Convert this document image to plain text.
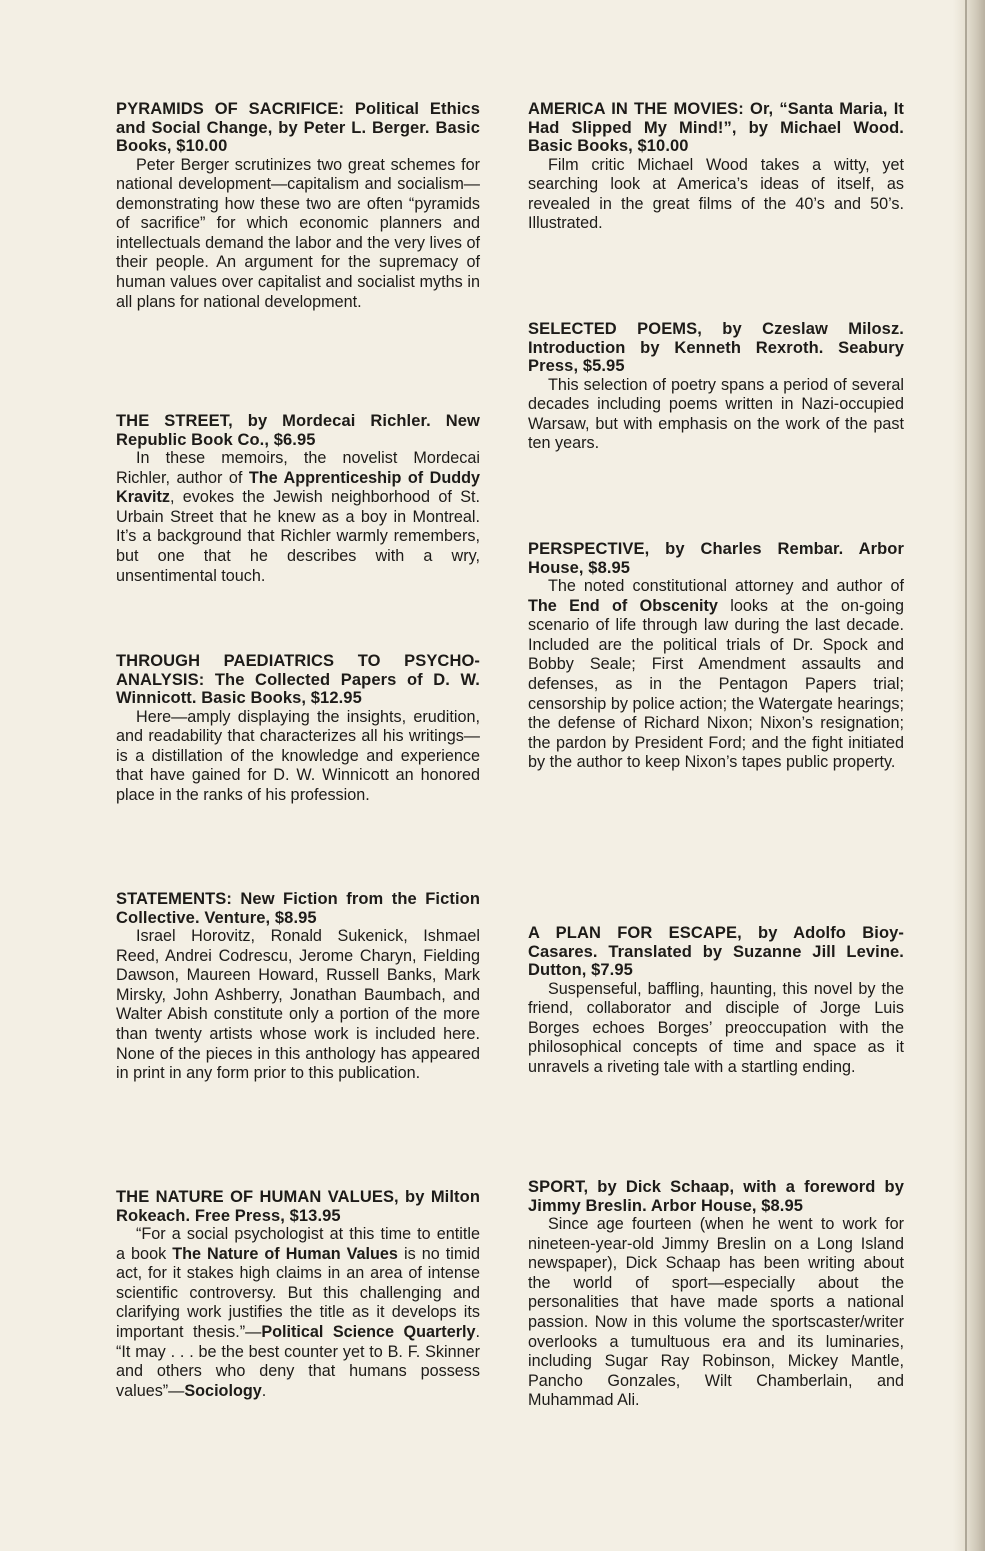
PYRAMIDS OF SACRIFICE: Political Ethics and Social Change, by Peter L. Berger. Basic Books, $10.00

Peter Berger scrutinizes two great schemes for national development—capitalism and socialism—demonstrating how these two are often “pyramids of sacrifice” for which economic planners and intellectuals demand the labor and the very lives of their people. An argument for the supremacy of human values over capitalist and socialist myths in all plans for national development.

THE STREET, by Mordecai Richler. New Republic Book Co., $6.95

In these memoirs, the novelist Mordecai Richler, author of The Apprenticeship of Duddy Kravitz, evokes the Jewish neighborhood of St. Urbain Street that he knew as a boy in Montreal. It’s a background that Richler warmly remembers, but one that he describes with a wry, unsentimental touch.

THROUGH PAEDIATRICS TO PSYCHO-ANALYSIS: The Collected Papers of D. W. Winnicott. Basic Books, $12.95

Here—amply displaying the insights, erudition, and readability that characterizes all his writings—is a distillation of the knowledge and experience that have gained for D. W. Winnicott an honored place in the ranks of his profession.

STATEMENTS: New Fiction from the Fiction Collective. Venture, $8.95

Israel Horovitz, Ronald Sukenick, Ishmael Reed, Andrei Codrescu, Jerome Charyn, Fielding Dawson, Maureen Howard, Russell Banks, Mark Mirsky, John Ashberry, Jonathan Baumbach, and Walter Abish constitute only a portion of the more than twenty artists whose work is included here. None of the pieces in this anthology has appeared in print in any form prior to this publication.

THE NATURE OF HUMAN VALUES, by Milton Rokeach. Free Press, $13.95

“For a social psychologist at this time to entitle a book The Nature of Human Values is no timid act, for it stakes high claims in an area of intense scientific controversy. But this challenging and clarifying work justifies the title as it develops its important thesis.”—Political Science Quarterly. “It may . . . be the best counter yet to B. F. Skinner and others who deny that humans possess values”—Sociology.

AMERICA IN THE MOVIES: Or, “Santa Maria, It Had Slipped My Mind!”, by Michael Wood. Basic Books, $10.00

Film critic Michael Wood takes a witty, yet searching look at America’s ideas of itself, as revealed in the great films of the 40’s and 50’s. Illustrated.

SELECTED POEMS, by Czeslaw Milosz. Introduction by Kenneth Rexroth. Seabury Press, $5.95

This selection of poetry spans a period of several decades including poems written in Nazi-occupied Warsaw, but with emphasis on the work of the past ten years.

PERSPECTIVE, by Charles Rembar. Arbor House, $8.95

The noted constitutional attorney and author of The End of Obscenity looks at the on-going scenario of life through law during the last decade. Included are the political trials of Dr. Spock and Bobby Seale; First Amendment assaults and defenses, as in the Pentagon Papers trial; censorship by police action; the Watergate hearings; the defense of Richard Nixon; Nixon’s resignation; the pardon by President Ford; and the fight initiated by the author to keep Nixon’s tapes public property.

A PLAN FOR ESCAPE, by Adolfo Bioy-Casares. Translated by Suzanne Jill Levine. Dutton, $7.95

Suspenseful, baffling, haunting, this novel by the friend, collaborator and disciple of Jorge Luis Borges echoes Borges’ preoccupation with the philosophical concepts of time and space as it unravels a riveting tale with a startling ending.

SPORT, by Dick Schaap, with a foreword by Jimmy Breslin. Arbor House, $8.95

Since age fourteen (when he went to work for nineteen-year-old Jimmy Breslin on a Long Island newspaper), Dick Schaap has been writing about the world of sport—especially about the personalities that have made sports a national passion. Now in this volume the sportscaster/writer overlooks a tumultuous era and its luminaries, including Sugar Ray Robinson, Mickey Mantle, Pancho Gonzales, Wilt Chamberlain, and Muhammad Ali.
